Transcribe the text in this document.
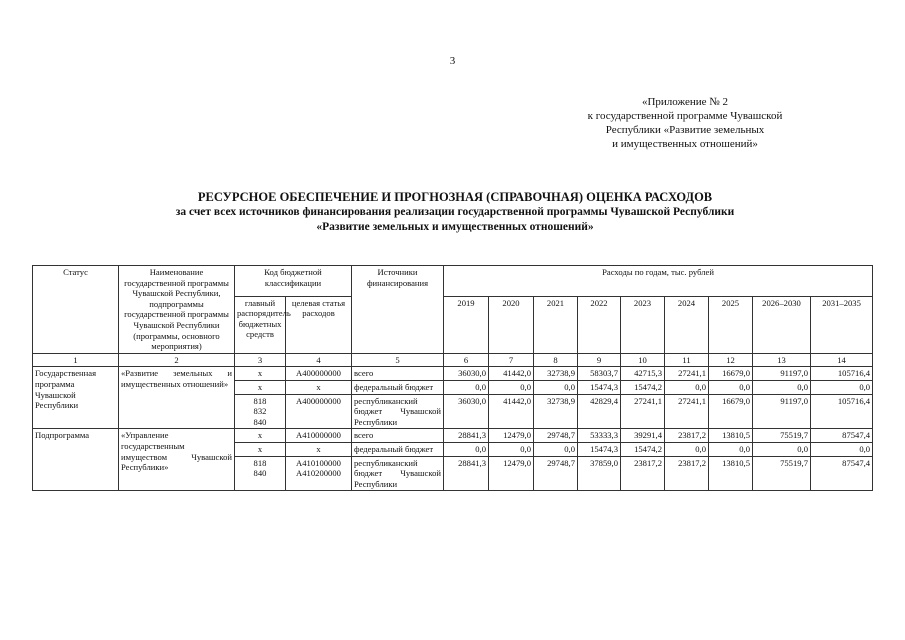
3
«Приложение № 2
к государственной программе Чувашской
Республики «Развитие земельных
и имущественных отношений»
РЕСУРСНОЕ ОБЕСПЕЧЕНИЕ И ПРОГНОЗНАЯ (СПРАВОЧНАЯ) ОЦЕНКА РАСХОДОВ
за счет всех источников финансирования реализации государственной программы Чувашской Республики
«Развитие земельных и имущественных отношений»
Статус	Наименование государственной программы Чувашской Республики, подпрограммы государственной программы Чувашской Республики (программы, основного мероприятия)	Код бюджетной классификации		Источники финансирования	Расходы по годам, тыс. рублей								
		главный распорядитель бюджетных средств	целевая статья расходов		2019	2020	2021	2022	2023	2024	2025	2026–2030	2031–2035
1	2	3	4	5	6	7	8	9	10	11	12	13	14
Государственная программа Чувашской Республики	«Развитие земельных и имущественных отношений»	x	A400000000	всего	36030,0	41442,0	32738,9	58303,7	42715,3	27241,1	16679,0	91197,0	105716,4
		x	x	федеральный бюджет	0,0	0,0	0,0	15474,3	15474,2	0,0	0,0	0,0	0,0
		818
832
840	A400000000	республиканский бюджет Чувашской Республики	36030,0	41442,0	32738,9	42829,4	27241,1	27241,1	16679,0	91197,0	105716,4
Подпрограмма	«Управление государственным имуществом Чувашской Республики»	x	A410000000	всего	28841,3	12479,0	29748,7	53333,3	39291,4	23817,2	13810,5	75519,7	87547,4
		x	x	федеральный бюджет	0,0	0,0	0,0	15474,3	15474,2	0,0	0,0	0,0	0,0
		818
840	A410100000
A410200000	республиканский бюджет Чувашской Республики	28841,3	12479,0	29748,7	37859,0	23817,2	23817,2	13810,5	75519,7	87547,4
